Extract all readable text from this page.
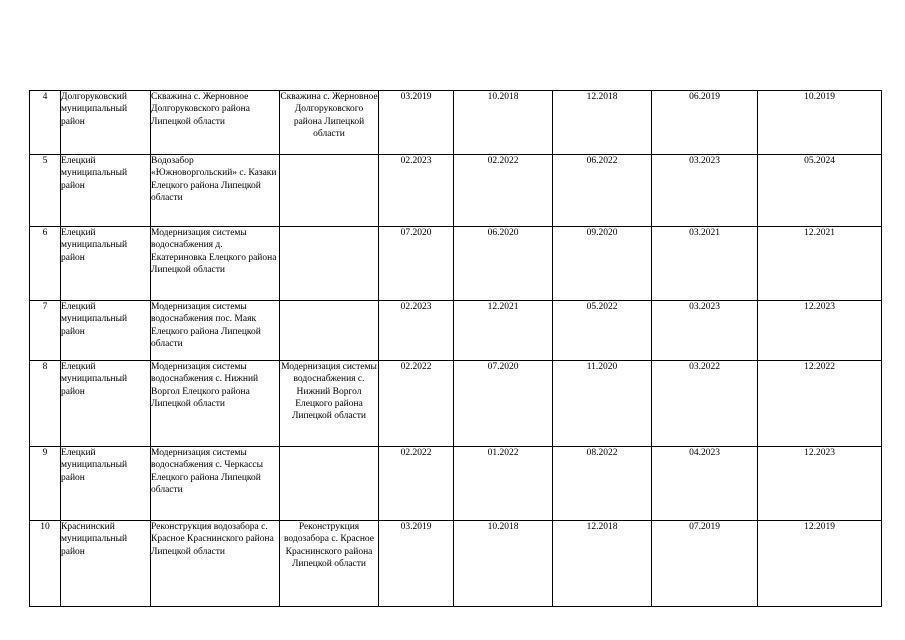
4	Долгоруковский муниципальный район	Скважина с. Жерновное Долгоруковского района Липецкой области	Скважина с. Жерновное Долгоруковского района Липецкой области	03.2019	10.2018	12.2018	06.2019	10.2019
5	Елецкий муниципальный район	Водозабор «Южноворгольский» с. Казаки Елецкого района Липецкой области		02.2023	02.2022	06.2022	03.2023	05.2024
6	Елецкий муниципальный район	Модернизация системы водоснабжения д. Екатериновка Елецкого района Липецкой области		07.2020	06.2020	09.2020	03.2021	12.2021
7	Елецкий муниципальный район	Модернизация системы водоснабжения пос. Маяк Елецкого района Липецкой области		02.2023	12.2021	05.2022	03.2023	12.2023
8	Елецкий муниципальный район	Модернизация системы водоснабжения с. Нижний Воргол Елецкого района Липецкой области	Модернизация системы водоснабжения с. Нижний Воргол Елецкого района Липецкой области	02.2022	07.2020	11.2020	03.2022	12.2022
9	Елецкий муниципальный район	Модернизация системы водоснабжения с. Черкассы Елецкого района Липецкой области		02.2022	01.2022	08.2022	04.2023	12.2023
10	Краснинский муниципальный район	Реконструкция водозабора с. Красное Краснинского района Липецкой области	Реконструкция водозабора с. Красное Краснинского района Липецкой области	03.2019	10.2018	12.2018	07.2019	12.2019
